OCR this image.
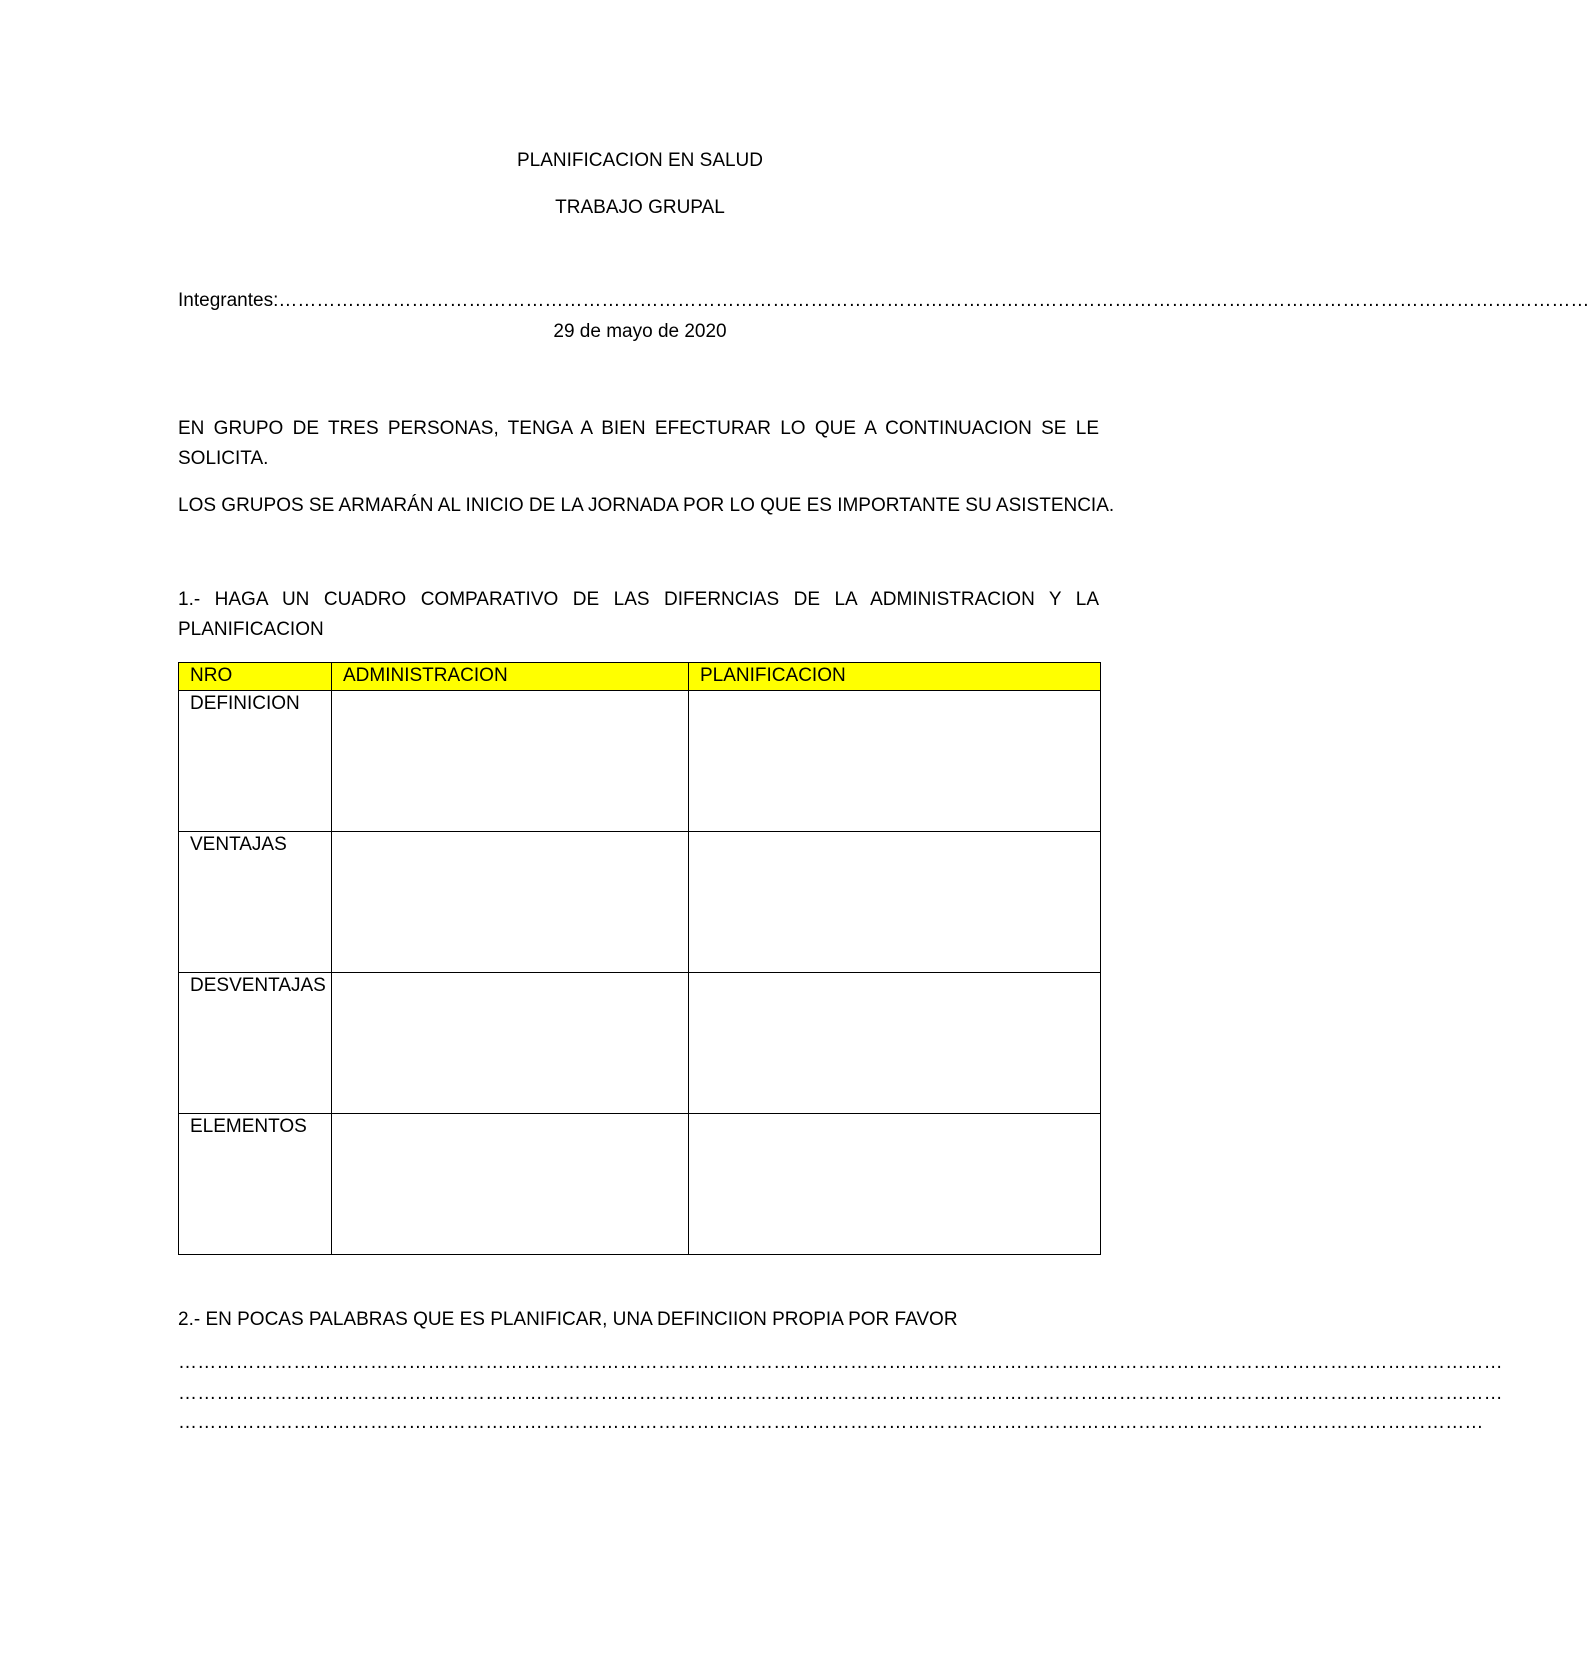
PLANIFICACION EN SALUD
TRABAJO GRUPAL
Integrantes:………………………………………………………………………………………………………………………………………………………………………………………
29 de mayo de 2020
EN GRUPO DE TRES PERSONAS, TENGA A BIEN EFECTURAR LO QUE A CONTINUACION SE LE SOLICITA.
LOS GRUPOS SE ARMARÁN AL INICIO DE LA JORNADA POR LO QUE ES IMPORTANTE SU ASISTENCIA.
1.- HAGA UN CUADRO COMPARATIVO DE LAS DIFERNCIAS DE LA ADMINISTRACION Y LA PLANIFICACION
NRO	ADMINISTRACION	PLANIFICACION
DEFINICION		
VENTAJAS		
DESVENTAJAS		
ELEMENTOS		
2.- EN POCAS PALABRAS QUE ES PLANIFICAR, UNA DEFINCIION PROPIA POR FAVOR
………………………………………………………………………………………………………………………………………………………………………………………
………………………………………………………………………………………………………………………………………………………………………………………
……………………………………………………………………………………………………………………………………………………………………………………
